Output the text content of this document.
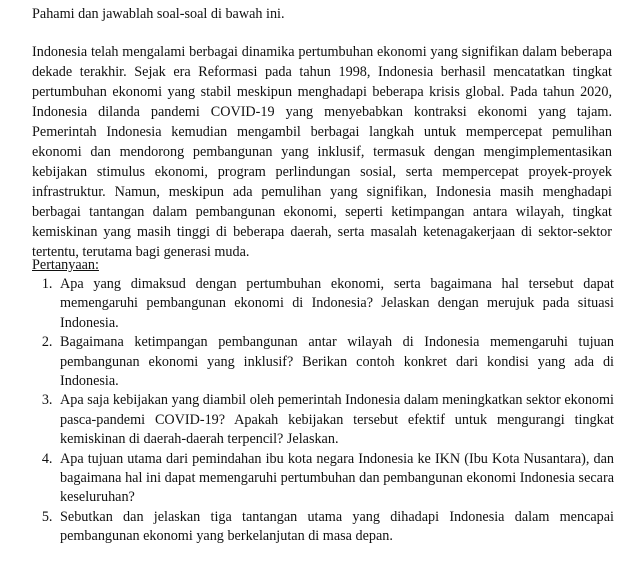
Pahami dan jawablah soal-soal di bawah ini.

Indonesia telah mengalami berbagai dinamika pertumbuhan ekonomi yang signifikan dalam beberapa dekade terakhir. Sejak era Reformasi pada tahun 1998, Indonesia berhasil mencatatkan tingkat pertumbuhan ekonomi yang stabil meskipun menghadapi beberapa krisis global. Pada tahun 2020, Indonesia dilanda pandemi COVID-19 yang menyebabkan kontraksi ekonomi yang tajam. Pemerintah Indonesia kemudian mengambil berbagai langkah untuk mempercepat pemulihan ekonomi dan mendorong pembangunan yang inklusif, termasuk dengan mengimplementasikan kebijakan stimulus ekonomi, program perlindungan sosial, serta mempercepat proyek-proyek infrastruktur. Namun, meskipun ada pemulihan yang signifikan, Indonesia masih menghadapi berbagai tantangan dalam pembangunan ekonomi, seperti ketimpangan antara wilayah, tingkat kemiskinan yang masih tinggi di beberapa daerah, serta masalah ketenagakerjaan di sektor-sektor tertentu, terutama bagi generasi muda.

Pertanyaan:
1. Apa yang dimaksud dengan pertumbuhan ekonomi, serta bagaimana hal tersebut dapat memengaruhi pembangunan ekonomi di Indonesia? Jelaskan dengan merujuk pada situasi Indonesia.
2. Bagaimana ketimpangan pembangunan antar wilayah di Indonesia memengaruhi tujuan pembangunan ekonomi yang inklusif? Berikan contoh konkret dari kondisi yang ada di Indonesia.
3. Apa saja kebijakan yang diambil oleh pemerintah Indonesia dalam meningkatkan sektor ekonomi pasca-pandemi COVID-19? Apakah kebijakan tersebut efektif untuk mengurangi tingkat kemiskinan di daerah-daerah terpencil? Jelaskan.
4. Apa tujuan utama dari pemindahan ibu kota negara Indonesia ke IKN (Ibu Kota Nusantara), dan bagaimana hal ini dapat memengaruhi pertumbuhan dan pembangunan ekonomi Indonesia secara keseluruhan?
5. Sebutkan dan jelaskan tiga tantangan utama yang dihadapi Indonesia dalam mencapai pembangunan ekonomi yang berkelanjutan di masa depan.
